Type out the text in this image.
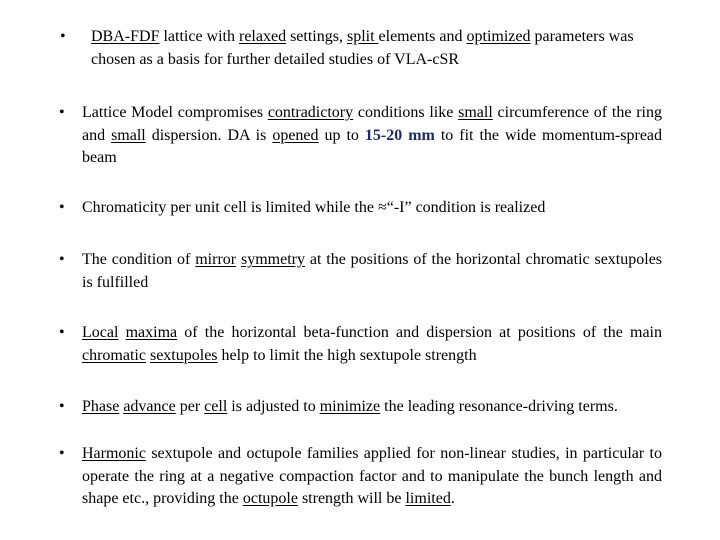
• DBA-FDF lattice with relaxed settings, split elements and optimized parameters was chosen as a basis for further detailed studies of VLA-cSR
• Lattice Model compromises contradictory conditions like small circumference of the ring and small dispersion. DA is opened up to 15-20 mm to fit the wide momentum-spread beam
• Chromaticity per unit cell is limited while the ≈“-I” condition is realized
• The condition of mirror symmetry at the positions of the horizontal chromatic sextupoles is fulfilled
• Local maxima of the horizontal beta-function and dispersion at positions of the main chromatic sextupoles help to limit the high sextupole strength
• Phase advance per cell is adjusted to minimize the leading resonance-driving terms.
• Harmonic sextupole and octupole families applied for non-linear studies, in particular to operate the ring at a negative compaction factor and to manipulate the bunch length and shape etc., providing the octupole strength will be limited.
